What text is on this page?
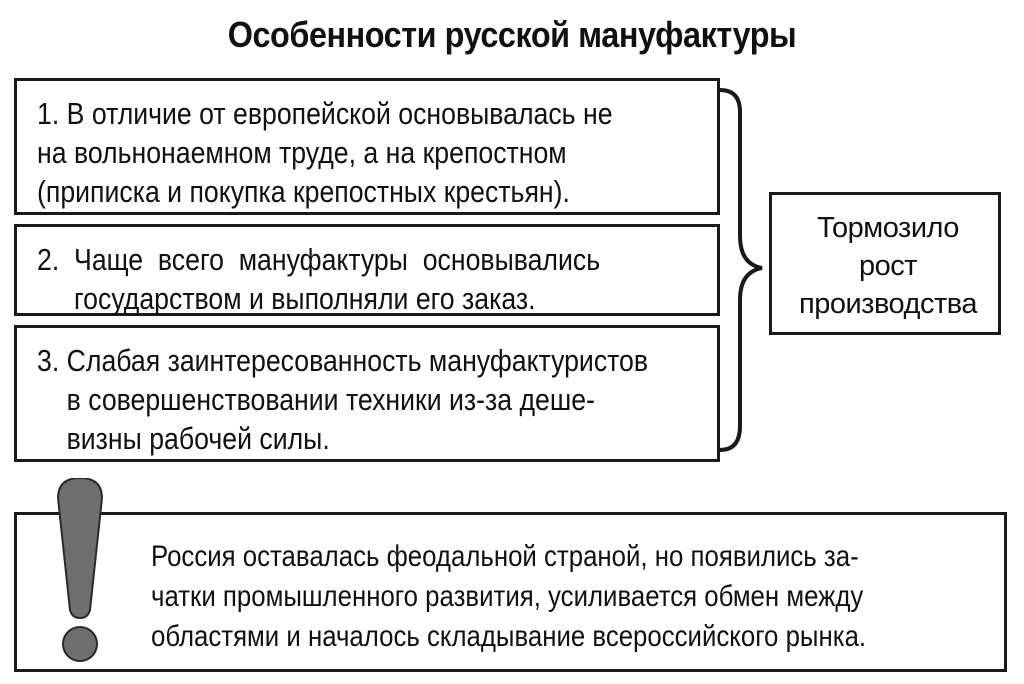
Особенности русской мануфактуры
1. В отличие от европейской основывалась не
на вольнонаемном труде, а на крепостном
(приписка и покупка крепостных крестьян).
2.  Чаще  всего  мануфактуры  основывались
государством и выполняли его заказ.
3. Слабая заинтересованность мануфактуристов
в совершенствовании техники из-за деше-
визны рабочей силы.
Тормозило
рост
производства
Россия оставалась феодальной страной, но появились за-
чатки промышленного развития, усиливается обмен между
областями и началось складывание всероссийского рынка.
